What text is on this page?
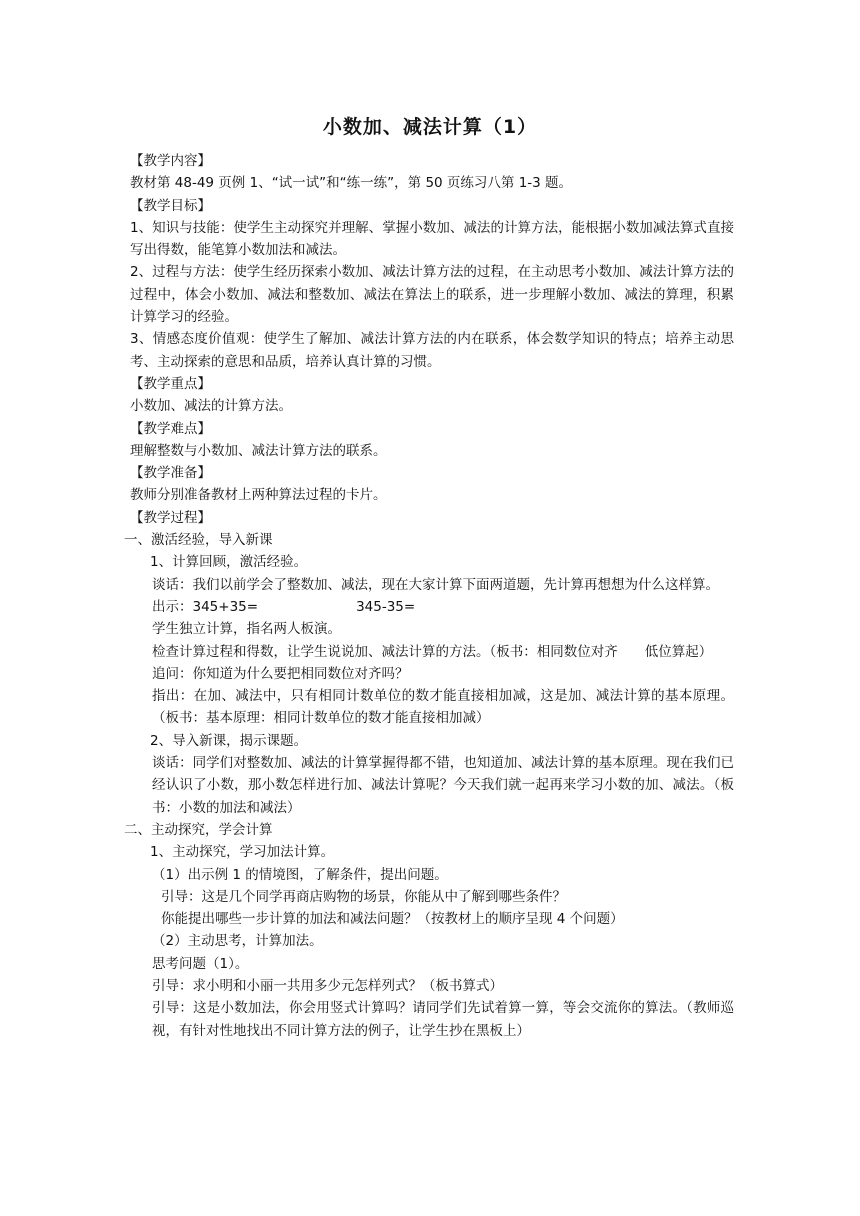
小数加、减法计算（1）

【教学内容】

教材第 48-49 页例 1、“试一试”和“练一练”，第 50 页练习八第 1-3 题。

【教学目标】

1、知识与技能：使学生主动探究并理解、掌握小数加、减法的计算方法，能根据小数加减法算式直接写出得数，能笔算小数加法和减法。

2、过程与方法：使学生经历探索小数加、减法计算方法的过程，在主动思考小数加、减法计算方法的过程中，体会小数加、减法和整数加、减法在算法上的联系，进一步理解小数加、减法的算理，积累计算学习的经验。

3、情感态度价值观：使学生了解加、减法计算方法的内在联系，体会数学知识的特点；培养主动思考、主动探索的意思和品质，培养认真计算的习惯。

【教学重点】

小数加、减法的计算方法。

【教学难点】

理解整数与小数加、减法计算方法的联系。

【教学准备】

教师分别准备教材上两种算法过程的卡片。

【教学过程】

一、激活经验，导入新课

1、计算回顾，激活经验。

谈话：我们以前学会了整数加、减法，现在大家计算下面两道题，先计算再想想为什么这样算。

出示：345+35=	345-35=

学生独立计算，指名两人板演。

检查计算过程和得数，让学生说说加、减法计算的方法。（板书：相同数位对齐　　低位算起）

追问：你知道为什么要把相同数位对齐吗？

指出：在加、减法中，只有相同计数单位的数才能直接相加减，这是加、减法计算的基本原理。（板书：基本原理：相同计数单位的数才能直接相加减）

2、导入新课，揭示课题。

谈话：同学们对整数加、减法的计算掌握得都不错，也知道加、减法计算的基本原理。现在我们已经认识了小数，那小数怎样进行加、减法计算呢？今天我们就一起再来学习小数的加、减法。（板书：小数的加法和减法）

二、主动探究，学会计算

1、主动探究，学习加法计算。

（1）出示例 1 的情境图，了解条件，提出问题。

引导：这是几个同学再商店购物的场景，你能从中了解到哪些条件？

你能提出哪些一步计算的加法和减法问题？（按教材上的顺序呈现 4 个问题）

（2）主动思考，计算加法。

思考问题（1）。

引导：求小明和小丽一共用多少元怎样列式？（板书算式）

引导：这是小数加法，你会用竖式计算吗？请同学们先试着算一算，等会交流你的算法。（教师巡视，有针对性地找出不同计算方法的例子，让学生抄在黑板上）
